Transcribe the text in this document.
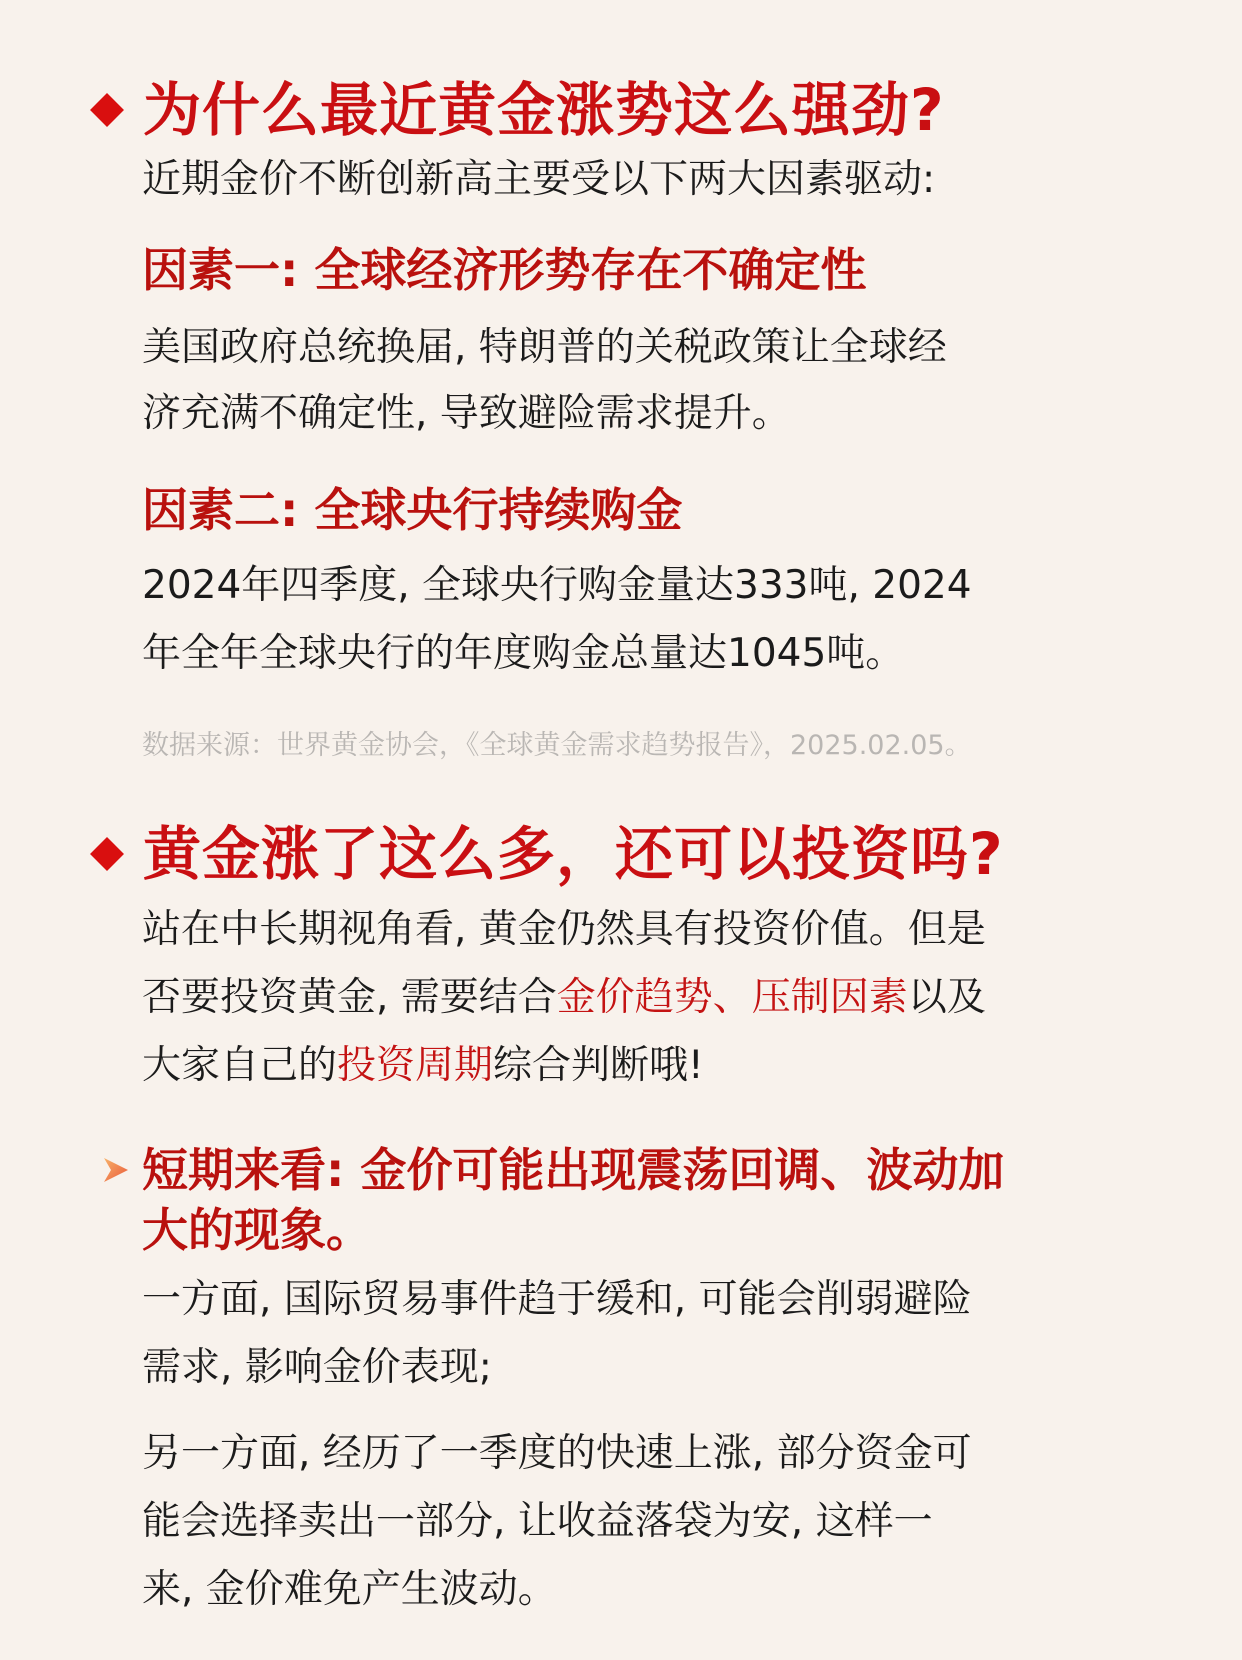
为什么最近黄金涨势这么强劲?
近期金价不断创新高主要受以下两大因素驱动:
因素一: 全球经济形势存在不确定性
美国政府总统换届, 特朗普的关税政策让全球经
济充满不确定性, 导致避险需求提升。
因素二: 全球央行持续购金
2024年四季度, 全球央行购金量达333吨, 2024
年全年全球央行的年度购金总量达1045吨。
数据来源：世界黄金协会，《全球黄金需求趋势报告》，2025.02.05。
黄金涨了这么多，还可以投资吗?
站在中长期视角看, 黄金仍然具有投资价值。但是
否要投资黄金, 需要结合金价趋势、压制因素以及
大家自己的投资周期综合判断哦!
短期来看: 金价可能出现震荡回调、波动加
大的现象。
一方面, 国际贸易事件趋于缓和, 可能会削弱避险
需求, 影响金价表现;
另一方面, 经历了一季度的快速上涨, 部分资金可
能会选择卖出一部分, 让收益落袋为安, 这样一
来, 金价难免产生波动。
